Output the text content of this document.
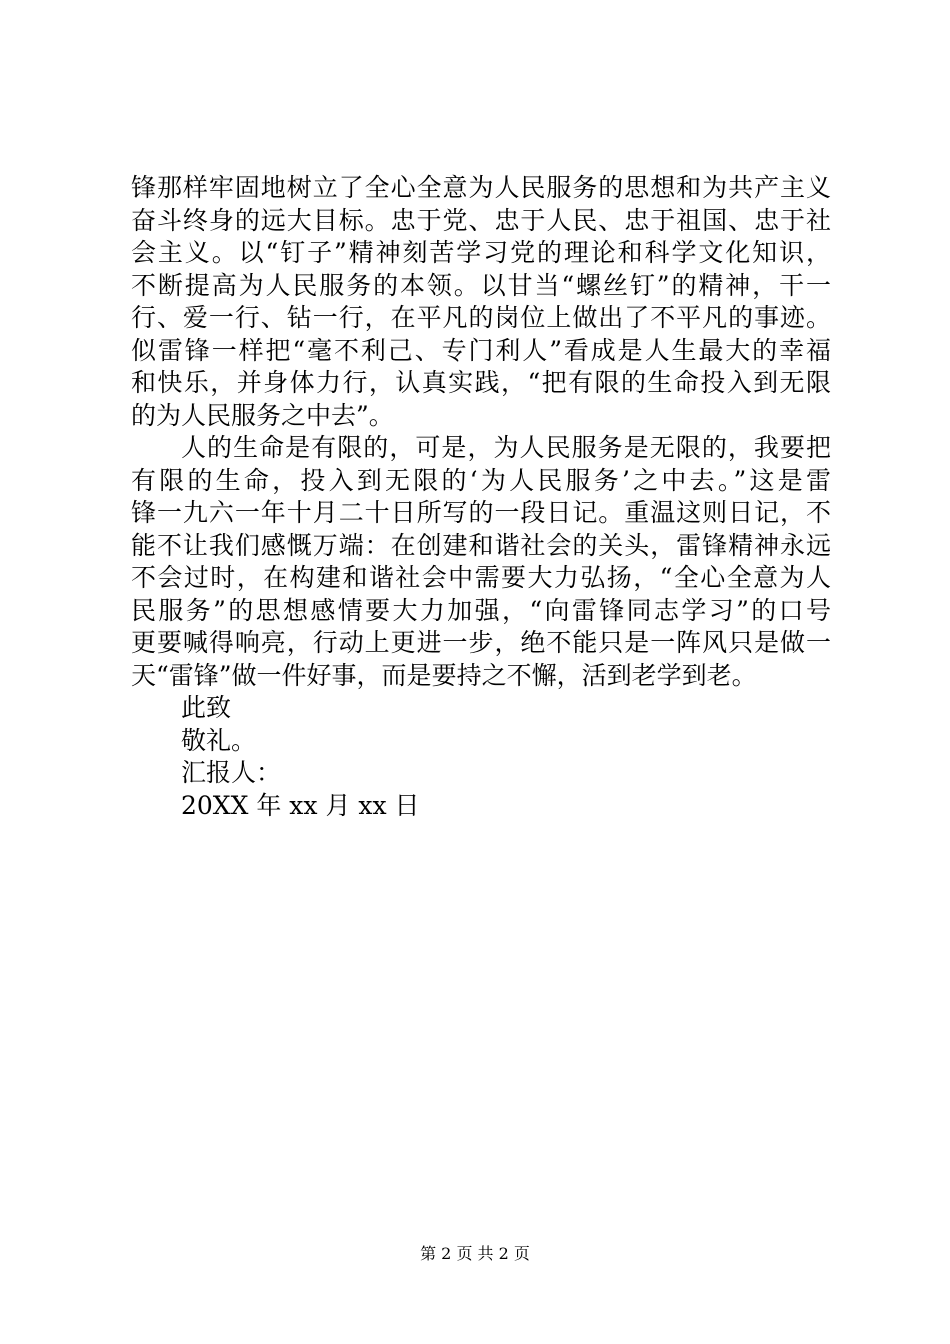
锋那样牢固地树立了全心全意为人民服务的思想和为共产主义
奋斗终身的远大目标。忠于党、忠于人民、忠于祖国、忠于社
会主义。以“钉子”精神刻苦学习党的理论和科学文化知识，
不断提高为人民服务的本领。以甘当“螺丝钉”的精神，干一
行、爱一行、钻一行，在平凡的岗位上做出了不平凡的事迹。
似雷锋一样把“毫不利己、专门利人”看成是人生最大的幸福
和快乐，并身体力行，认真实践，“把有限的生命投入到无限
的为人民服务之中去”。
人的生命是有限的，可是，为人民服务是无限的，我要把
有限的生命，投入到无限的‘为人民服务’之中去。”这是雷
锋一九六一年十月二十日所写的一段日记。重温这则日记，不
能不让我们感慨万端：在创建和谐社会的关头，雷锋精神永远
不会过时，在构建和谐社会中需要大力弘扬，“全心全意为人
民服务”的思想感情要大力加强，“向雷锋同志学习”的口号
更要喊得响亮，行动上更进一步，绝不能只是一阵风只是做一
天“雷锋”做一件好事，而是要持之不懈，活到老学到老。
此致
敬礼。
汇报人：
20XX 年 xx 月 xx 日
第 2 页 共 2 页
